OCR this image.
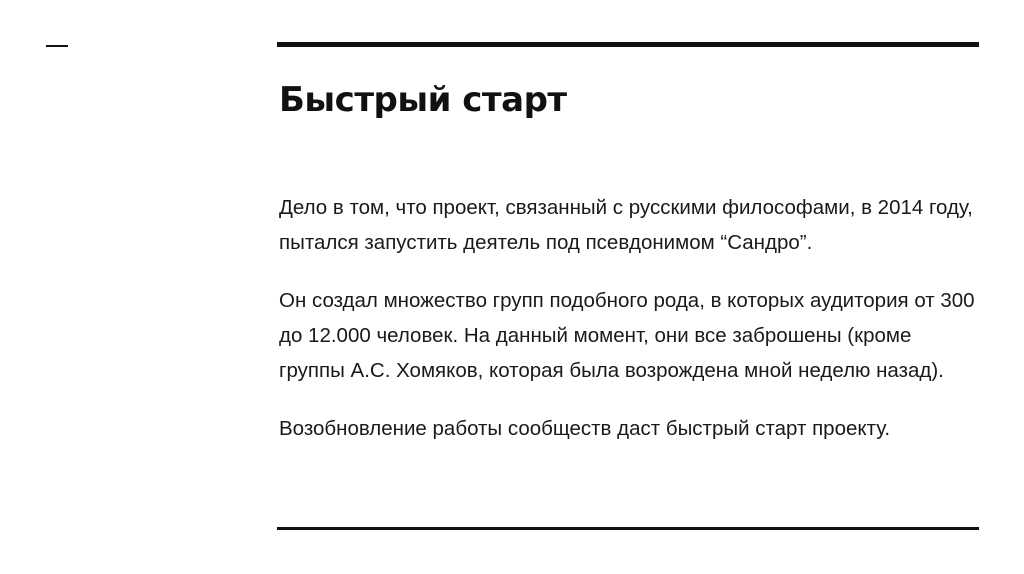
Быстрый старт

Дело в том, что проект, связанный с русскими философами, в 2014 году, пытался запустить деятель под псевдонимом “Сандро”.

Он создал множество групп подобного рода, в которых аудитория от 300 до 12.000 человек. На данный момент, они все заброшены (кроме группы А.С. Хомяков, которая была возрождена мной неделю назад).

Возобновление работы сообществ даст быстрый старт проекту.
